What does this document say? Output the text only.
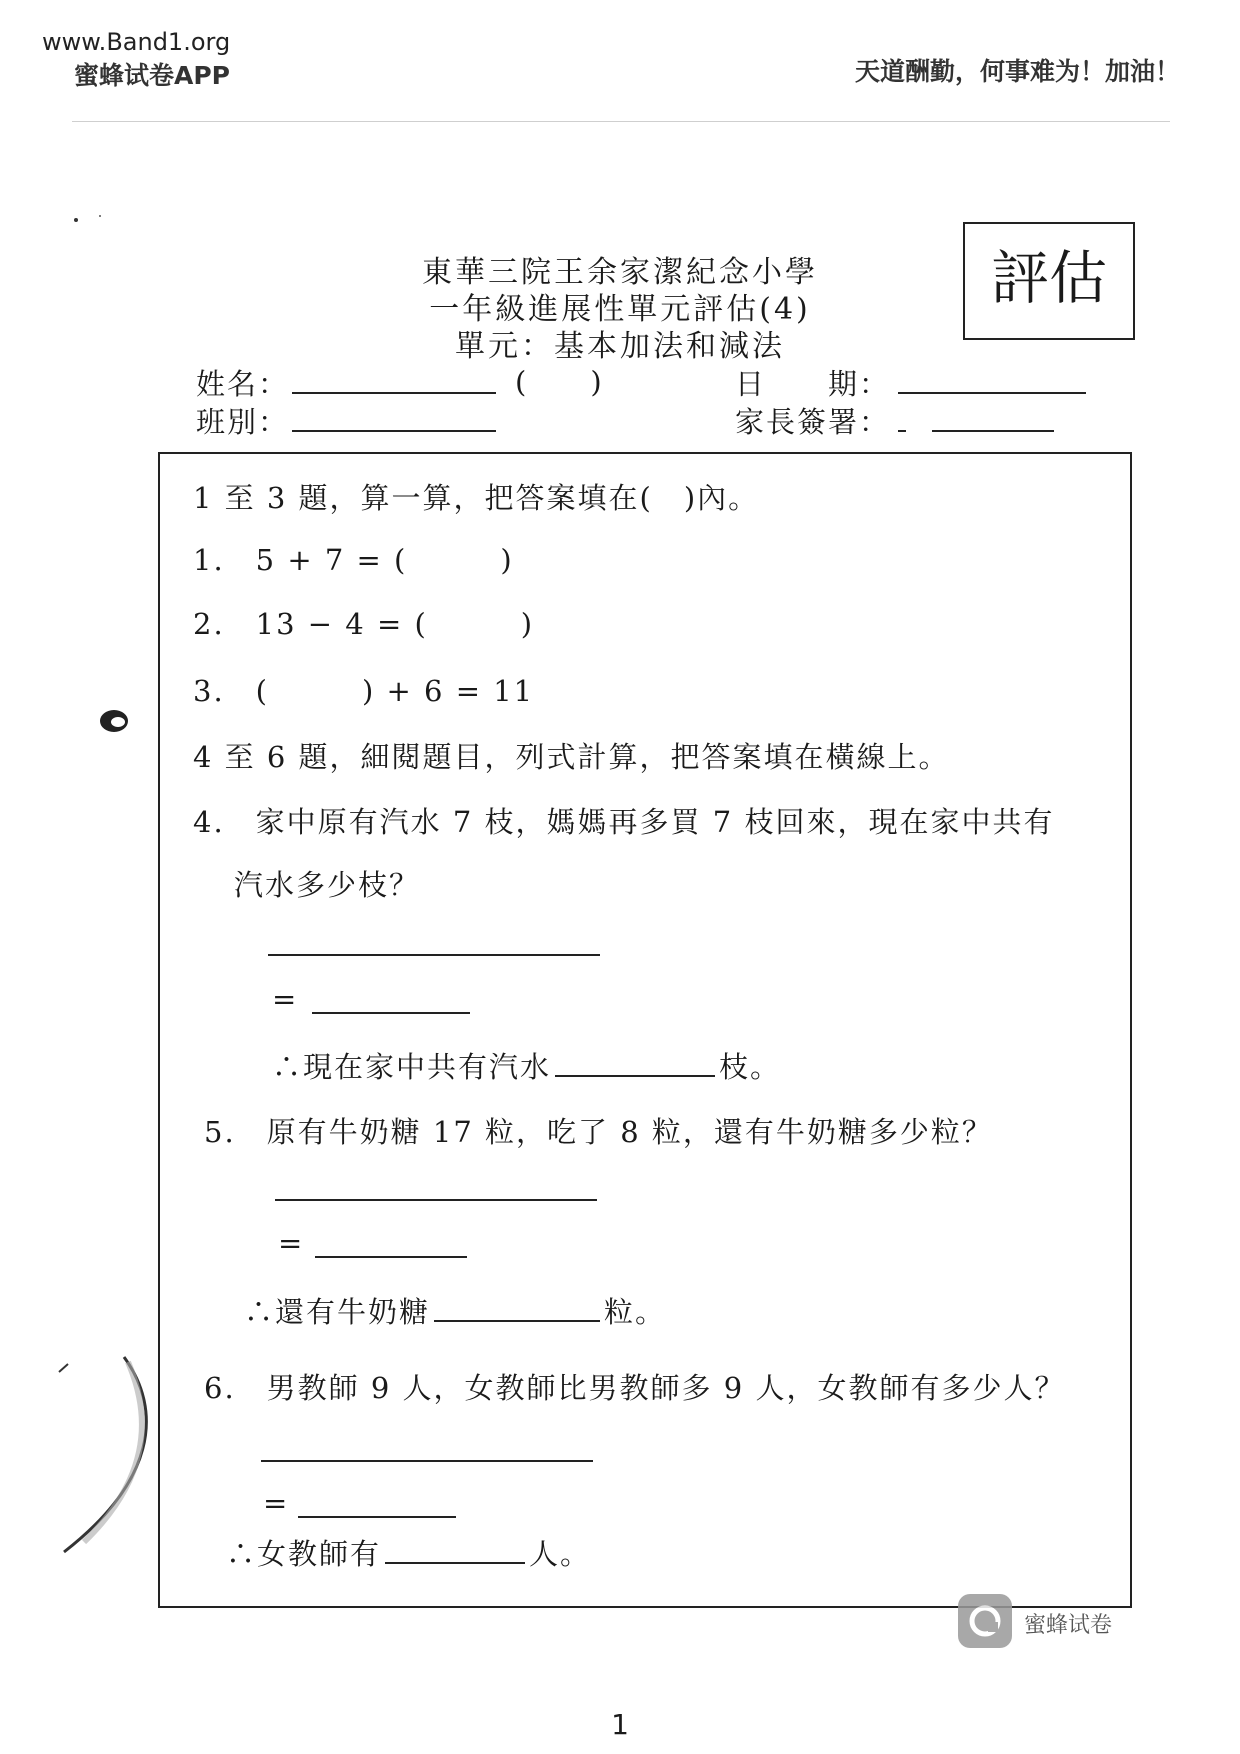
www.Band1.org
蜜蜂试卷APP	天道酬勤，何事难为！加油！
東華三院王余家潔紀念小學
一年級進展性單元評估(4)
單元：基本加法和減法
評估
姓名：	(　　)	日　　期：
班別：	家長簽署：
1 至 3 題，算一算，把答案填在(　)內。
1.　5 + 7 = (　　　)
2.　13 − 4 = (　　　)
3.　(　　　) + 6 = 11
4 至 6 題，細閱題目，列式計算，把答案填在橫線上。
4.　家中原有汽水 7 枝，媽媽再多買 7 枝回來，現在家中共有
汽水多少枝？
=
∴現在家中共有汽水	枝。
5.　原有牛奶糖 17 粒，吃了 8 粒，還有牛奶糖多少粒？
=
∴還有牛奶糖	粒。
6.　男教師 9 人，女教師比男教師多 9 人，女教師有多少人？
=
∴女教師有	人。
蜜蜂试卷
1
